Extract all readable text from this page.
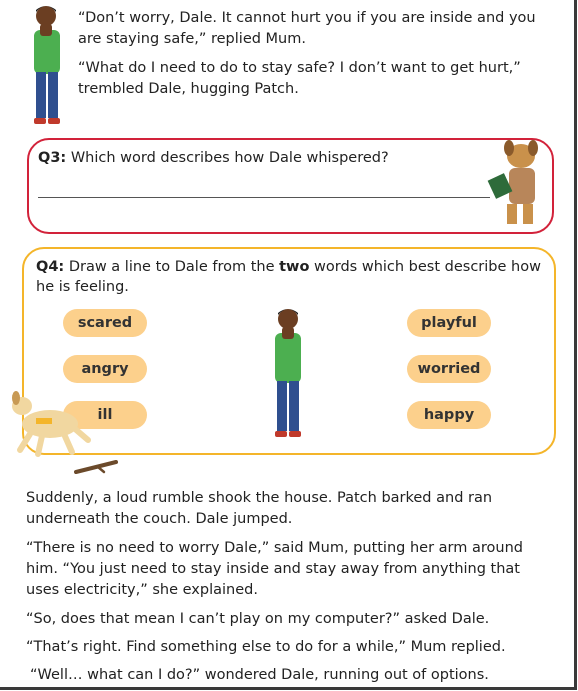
“Don’t worry, Dale. It cannot hurt you if you are inside and you are staying safe,” replied Mum.

“What do I need to do to stay safe? I don’t want to get hurt,” trembled Dale, hugging Patch.

Q3: Which word describes how Dale whispered?
Q4: Draw a line to Dale from the two words which best describe how he is feeling.
scared
angry
ill
playful
worried
happy

Suddenly, a loud rumble shook the house. Patch barked and ran underneath the couch. Dale jumped.

“There is no need to worry Dale,” said Mum, putting her arm around him. “You just need to stay inside and stay away from anything that uses electricity,” she explained.

“So, does that mean I can’t play on my computer?” asked Dale.

“That’s right. Find something else to do for a while,” Mum replied.

“Well… what can I do?” wondered Dale, running out of options.
